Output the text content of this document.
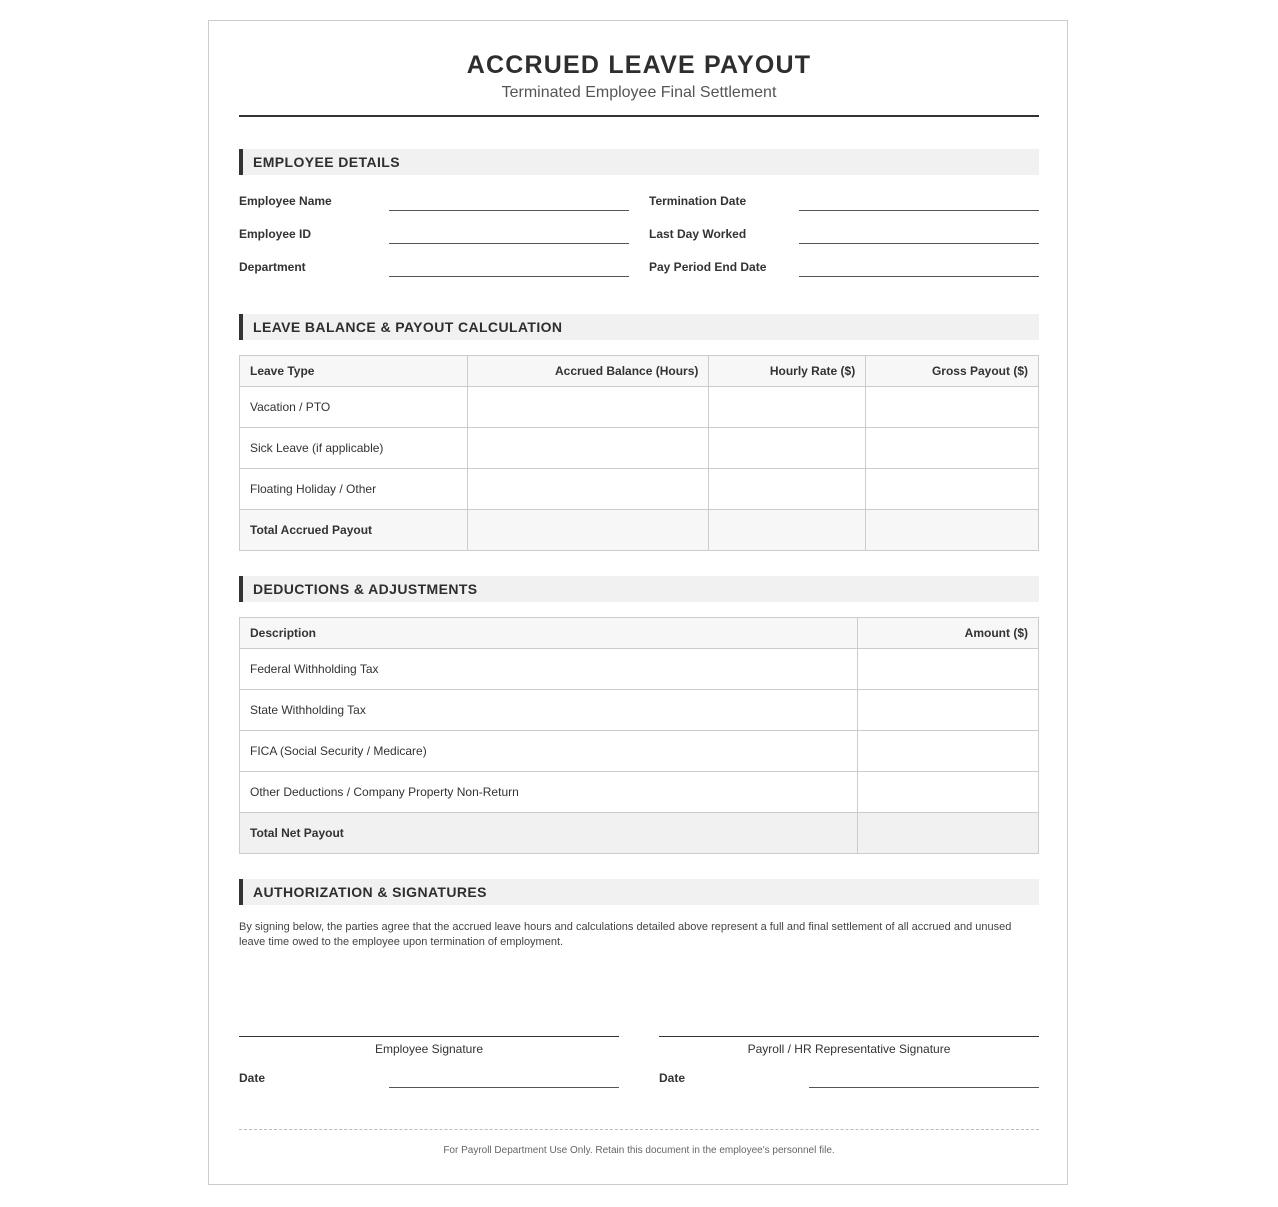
ACCRUED LEAVE PAYOUT
Terminated Employee Final Settlement
EMPLOYEE DETAILS
Employee Name	Termination Date
Employee ID	Last Day Worked
Department	Pay Period End Date
LEAVE BALANCE & PAYOUT CALCULATION
Leave Type	Accrued Balance (Hours)	Hourly Rate ($)	Gross Payout ($)
Vacation / PTO			
Sick Leave (if applicable)			
Floating Holiday / Other			
Total Accrued Payout			
DEDUCTIONS & ADJUSTMENTS
Description	Amount ($)
Federal Withholding Tax	
State Withholding Tax	
FICA (Social Security / Medicare)	
Other Deductions / Company Property Non-Return	
Total Net Payout	
AUTHORIZATION & SIGNATURES
By signing below, the parties agree that the accrued leave hours and calculations detailed above represent a full and final settlement of all accrued and unused leave time owed to the employee upon termination of employment.
Employee Signature	Payroll / HR Representative Signature
Date	Date
For Payroll Department Use Only. Retain this document in the employee's personnel file.
